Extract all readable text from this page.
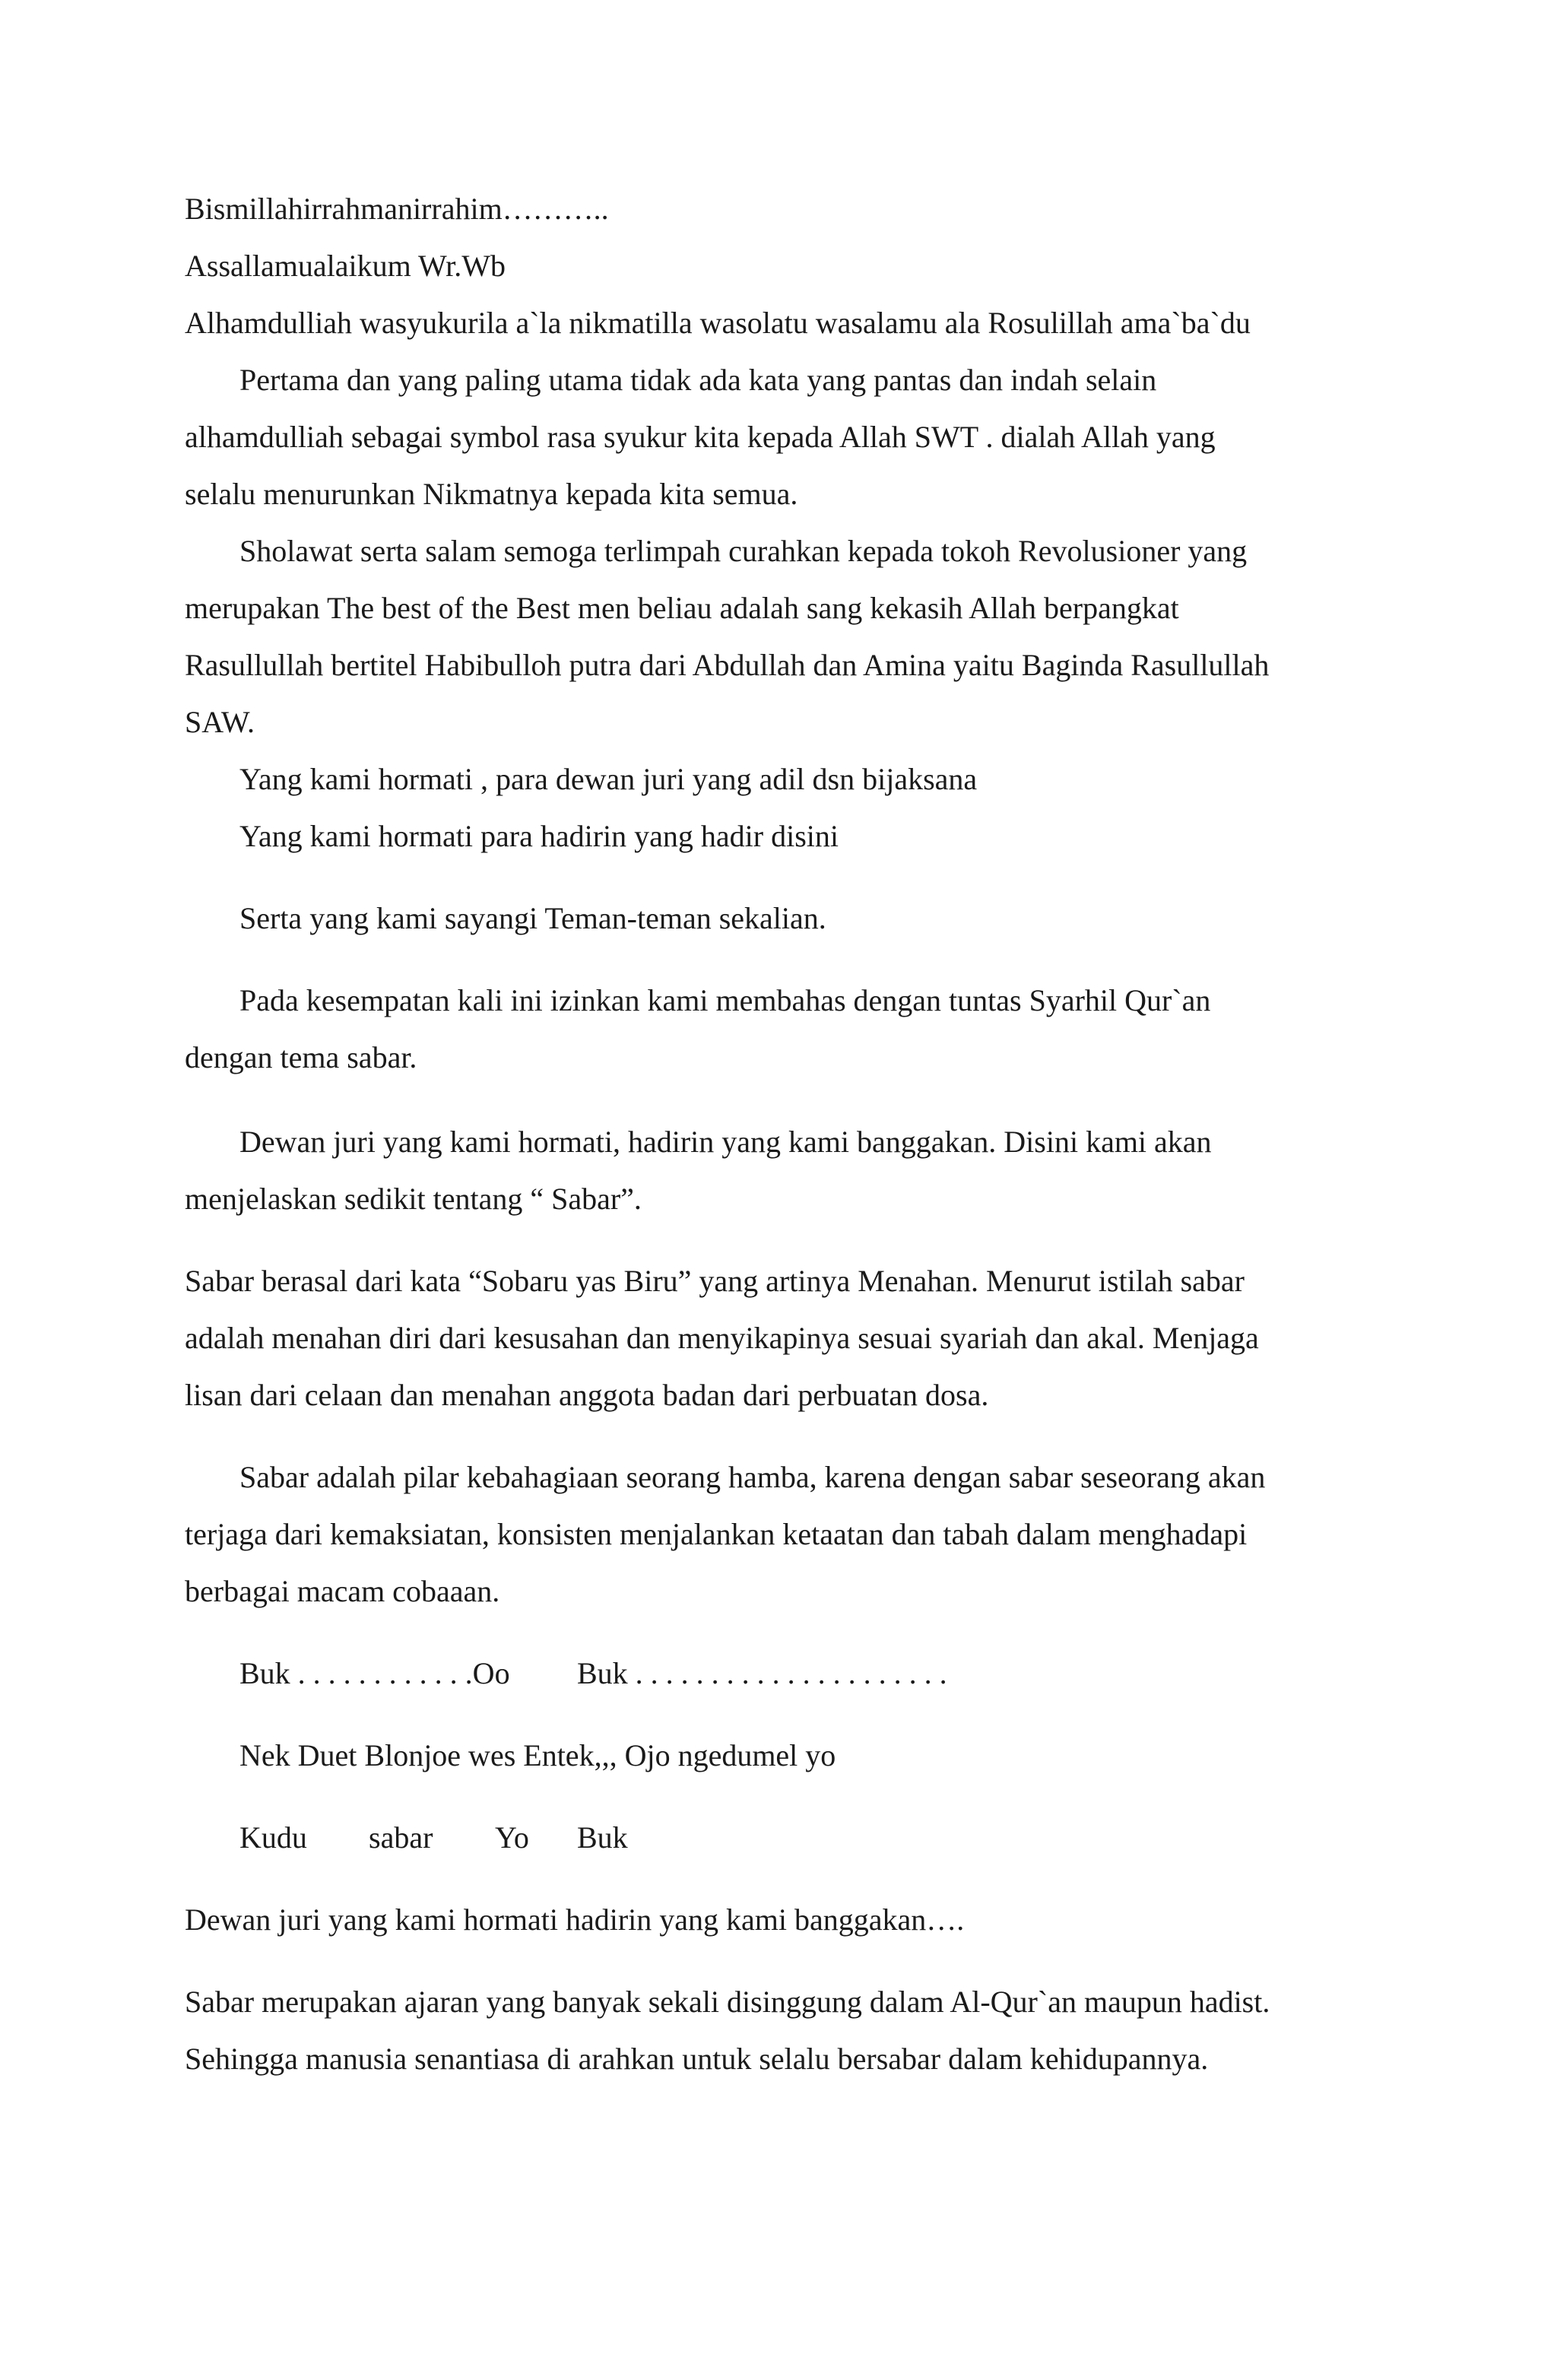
Bismillahirrahmanirrahim………..

Assallamualaikum Wr.Wb

Alhamdulliah wasyukurila a`la nikmatilla wasolatu wasalamu ala Rosulillah ama`ba`du

Pertama dan yang paling utama tidak ada kata yang pantas dan indah selain

alhamdulliah sebagai symbol rasa syukur kita kepada Allah SWT . dialah Allah yang

selalu menurunkan Nikmatnya kepada kita semua.

Sholawat serta salam semoga terlimpah curahkan kepada tokoh Revolusioner yang

merupakan The best of the Best men beliau adalah sang kekasih Allah berpangkat

Rasullullah bertitel Habibulloh putra dari Abdullah dan Amina yaitu Baginda Rasullullah

SAW.

Yang kami hormati , para dewan juri yang adil dsn bijaksana

Yang kami hormati para hadirin yang hadir disini

Serta yang kami sayangi Teman-teman sekalian.

Pada kesempatan kali ini izinkan kami membahas dengan tuntas Syarhil Qur`an

dengan tema sabar.

Dewan juri yang kami hormati, hadirin yang kami banggakan. Disini kami akan

menjelaskan sedikit tentang “ Sabar”.

Sabar berasal dari kata “Sobaru yas Biru” yang artinya Menahan. Menurut istilah sabar

adalah menahan diri dari kesusahan dan menyikapinya sesuai syariah dan akal. Menjaga

lisan dari celaan dan menahan anggota badan dari perbuatan dosa.

Sabar adalah pilar kebahagiaan seorang hamba, karena dengan sabar seseorang akan

terjaga dari kemaksiatan, konsisten menjalankan ketaatan dan tabah dalam menghadapi

berbagai macam cobaaan.

Buk . . . . . . . . . . . .Oo Buk . . . . . . . . . . . . . . . . . . . . .

Nek Duet Blonjoe wes Entek,,, Ojo ngedumel yo

Kudu sabar Yo Buk

Dewan juri yang kami hormati hadirin yang kami banggakan….

Sabar merupakan ajaran yang banyak sekali disinggung dalam Al-Qur`an maupun hadist.

Sehingga manusia senantiasa di arahkan untuk selalu bersabar dalam kehidupannya.
